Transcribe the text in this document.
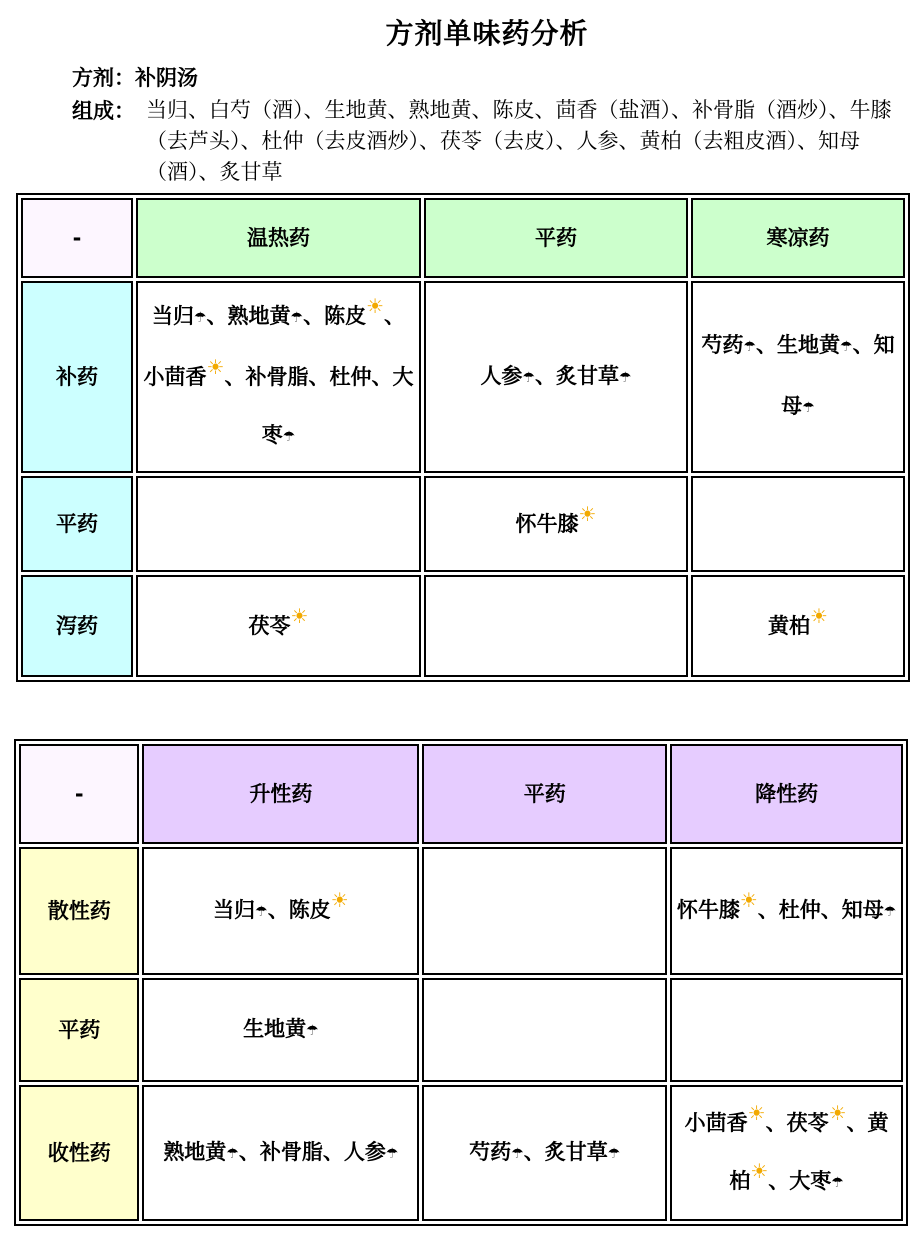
方剂单味药分析
方剂：补阴汤
组成： 当归、白芍（酒）、生地黄、熟地黄、陈皮、茴香（盐酒）、补骨脂（酒炒）、牛膝（去芦头）、杜仲（去皮酒炒）、茯苓（去皮）、人参、黄柏（去粗皮酒）、知母（酒）、炙甘草
-	温热药	平药	寒凉药
补药	当归☂、熟地黄☂、陈皮☀、小茴香☀、补骨脂、杜仲、大枣☂	人参☂、炙甘草☂	芍药☂、生地黄☂、知母☂
平药		怀牛膝☀	
泻药	茯苓☀		黄柏☀
-	升性药	平药	降性药
散性药	当归☂、陈皮☀		怀牛膝☀、杜仲、知母☂
平药	生地黄☂		
收性药	熟地黄☂、补骨脂、人参☂	芍药☂、炙甘草☂	小茴香☀、茯苓☀、黄柏☀、大枣☂
